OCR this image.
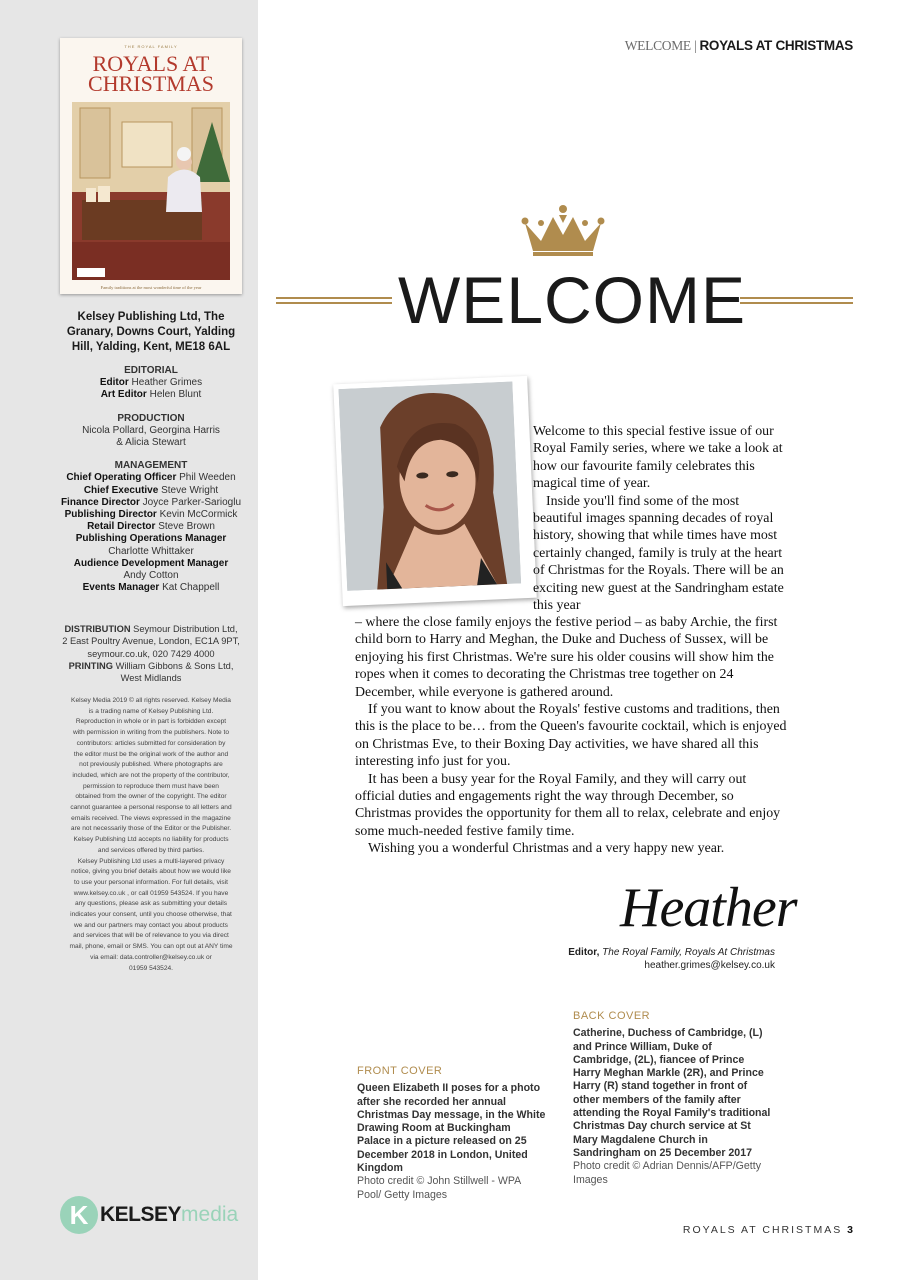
THE ROYAL FAMILY
ROYALS AT
CHRISTMAS
Family traditions at the most wonderful time of the year
Kelsey Publishing Ltd, The
Granary, Downs Court, Yalding
Hill, Yalding, Kent, ME18 6AL
EDITORIAL
Editor Heather Grimes
Art Editor Helen Blunt
PRODUCTION
Nicola Pollard, Georgina Harris
& Alicia Stewart
MANAGEMENT
Chief Operating Officer Phil Weeden
Chief Executive Steve Wright
Finance Director Joyce Parker-Sarioglu
Publishing Director Kevin McCormick
Retail Director Steve Brown
Publishing Operations Manager
Charlotte Whittaker
Audience Development Manager
Andy Cotton
Events Manager Kat Chappell
DISTRIBUTION Seymour Distribution Ltd,
2 East Poultry Avenue, London, EC1A 9PT,
seymour.co.uk, 020 7429 4000
PRINTING William Gibbons & Sons Ltd,
West Midlands
Kelsey Media 2019 © all rights reserved. Kelsey Media
is a trading name of Kelsey Publishing Ltd.
Reproduction in whole or in part is forbidden except
with permission in writing from the publishers. Note to
contributors: articles submitted for consideration by
the editor must be the original work of the author and
not previously published. Where photographs are
included, which are not the property of the contributor,
permission to reproduce them must have been
obtained from the owner of the copyright. The editor
cannot guarantee a personal response to all letters and
emails received. The views expressed in the magazine
are not necessarily those of the Editor or the Publisher.
Kelsey Publishing Ltd accepts no liability for products
and services offered by third parties.
Kelsey Publishing Ltd uses a multi-layered privacy
notice, giving you brief details about how we would like
to use your personal information. For full details, visit
www.kelsey.co.uk , or call 01959 543524. If you have
any questions, please ask as submitting your details
indicates your consent, until you choose otherwise, that
we and our partners may contact you about products
and services that will be of relevance to you via direct
mail, phone, email or SMS. You can opt out at ANY time
via email: data.controller@kelsey.co.uk or
01959 543524.
K KELSEY media
WELCOME | ROYALS AT CHRISTMAS
WELCOME

Welcome to this special festive issue of our Royal Family series, where we take a look at how our favourite family celebrates this magical time of year.

Inside you'll find some of the most beautiful images spanning decades of royal history, showing that while times have most certainly changed, family is truly at the heart of Christmas for the Royals. There will be an exciting new guest at the Sandringham estate this year

– where the close family enjoys the festive period – as baby Archie, the first child born to Harry and Meghan, the Duke and Duchess of Sussex, will be enjoying his first Christmas. We're sure his older cousins will show him the ropes when it comes to decorating the Christmas tree together on 24 December, while everyone is gathered around.

If you want to know about the Royals' festive customs and traditions, then this is the place to be… from the Queen's favourite cocktail, which is enjoyed on Christmas Eve, to their Boxing Day activities, we have shared all this interesting info just for you.

It has been a busy year for the Royal Family, and they will carry out official duties and engagements right the way through December, so Christmas provides the opportunity for them all to relax, celebrate and enjoy some much-needed festive family time.

Wishing you a wonderful Christmas and a very happy new year.

Heather
Editor, The Royal Family, Royals At Christmas
heather.grimes@kelsey.co.uk
FRONT COVER
Queen Elizabeth II poses for a photo after she recorded her annual Christmas Day message, in the White Drawing Room at Buckingham Palace in a picture released on 25 December 2018 in London, United Kingdom
Photo credit © John Stillwell - WPA Pool/ Getty Images
BACK COVER
Catherine, Duchess of Cambridge, (L) and Prince William, Duke of Cambridge, (2L), fiancee of Prince Harry Meghan Markle (2R), and Prince Harry (R) stand together in front of other members of the family after attending the Royal Family's traditional Christmas Day church service at St Mary Magdalene Church in Sandringham on 25 December 2017
Photo credit © Adrian Dennis/AFP/Getty Images
ROYALS AT CHRISTMAS 3
